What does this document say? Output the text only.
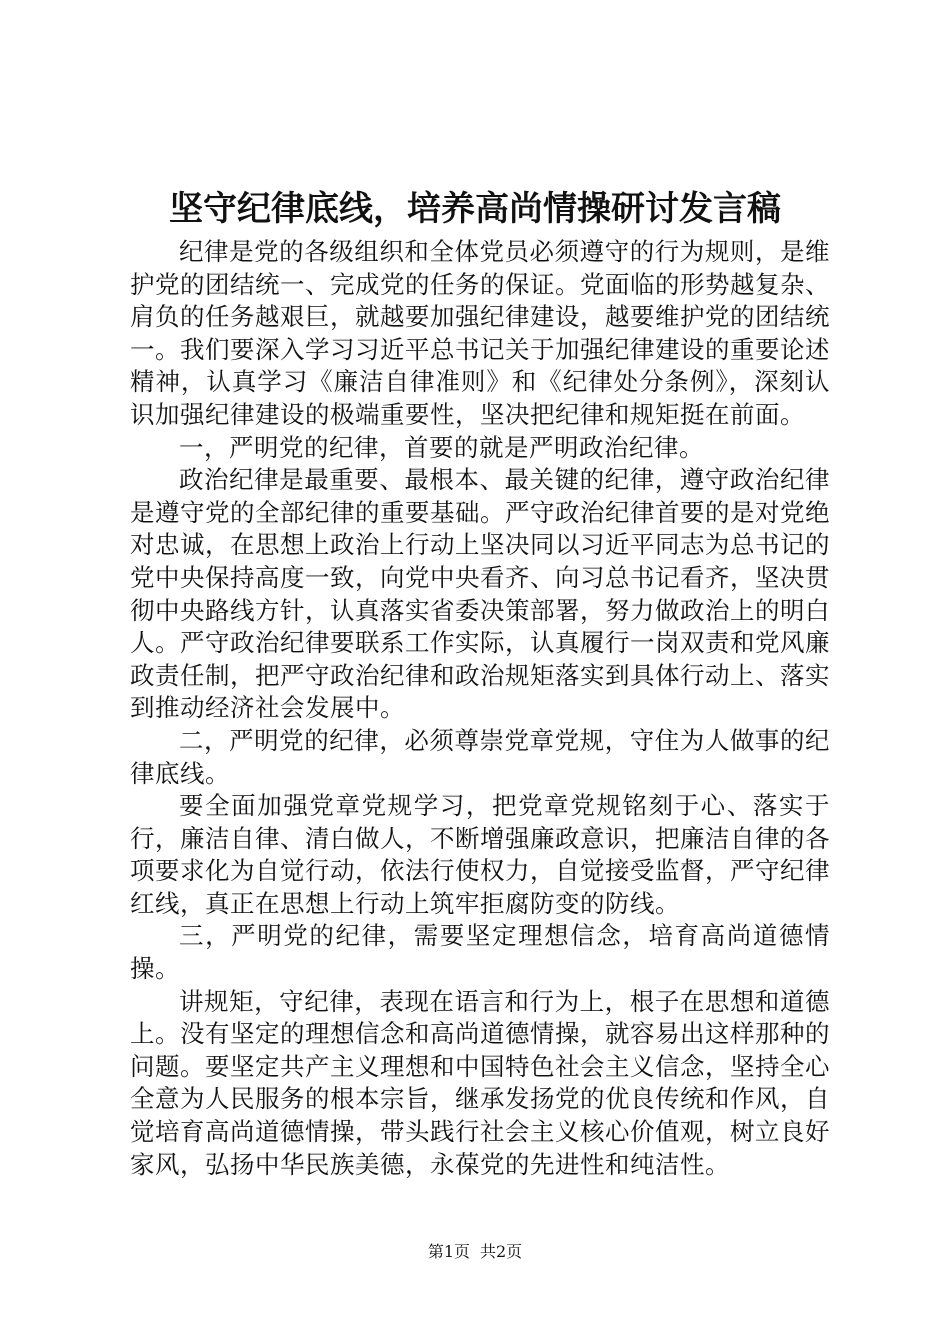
坚守纪律底线，培养高尚情操研讨发言稿

纪律是党的各级组织和全体党员必须遵守的行为规则，是维护党的团结统一、完成党的任务的保证。党面临的形势越复杂、肩负的任务越艰巨，就越要加强纪律建设，越要维护党的团结统一。我们要深入学习习近平总书记关于加强纪律建设的重要论述精神，认真学习《廉洁自律准则》和《纪律处分条例》，深刻认识加强纪律建设的极端重要性，坚决把纪律和规矩挺在前面。

一，严明党的纪律，首要的就是严明政治纪律。

政治纪律是最重要、最根本、最关键的纪律，遵守政治纪律是遵守党的全部纪律的重要基础。严守政治纪律首要的是对党绝对忠诚，在思想上政治上行动上坚决同以习近平同志为总书记的党中央保持高度一致，向党中央看齐、向习总书记看齐，坚决贯彻中央路线方针，认真落实省委决策部署，努力做政治上的明白人。严守政治纪律要联系工作实际，认真履行一岗双责和党风廉政责任制，把严守政治纪律和政治规矩落实到具体行动上、落实到推动经济社会发展中。

二，严明党的纪律，必须尊崇党章党规，守住为人做事的纪律底线。

要全面加强党章党规学习，把党章党规铭刻于心、落实于行，廉洁自律、清白做人，不断增强廉政意识，把廉洁自律的各项要求化为自觉行动，依法行使权力，自觉接受监督，严守纪律红线，真正在思想上行动上筑牢拒腐防变的防线。

三，严明党的纪律，需要坚定理想信念，培育高尚道德情操。

讲规矩，守纪律，表现在语言和行为上，根子在思想和道德上。没有坚定的理想信念和高尚道德情操，就容易出这样那种的问题。要坚定共产主义理想和中国特色社会主义信念，坚持全心全意为人民服务的根本宗旨，继承发扬党的优良传统和作风，自觉培育高尚道德情操，带头践行社会主义核心价值观，树立良好家风，弘扬中华民族美德，永葆党的先进性和纯洁性。

第1页 共2页
